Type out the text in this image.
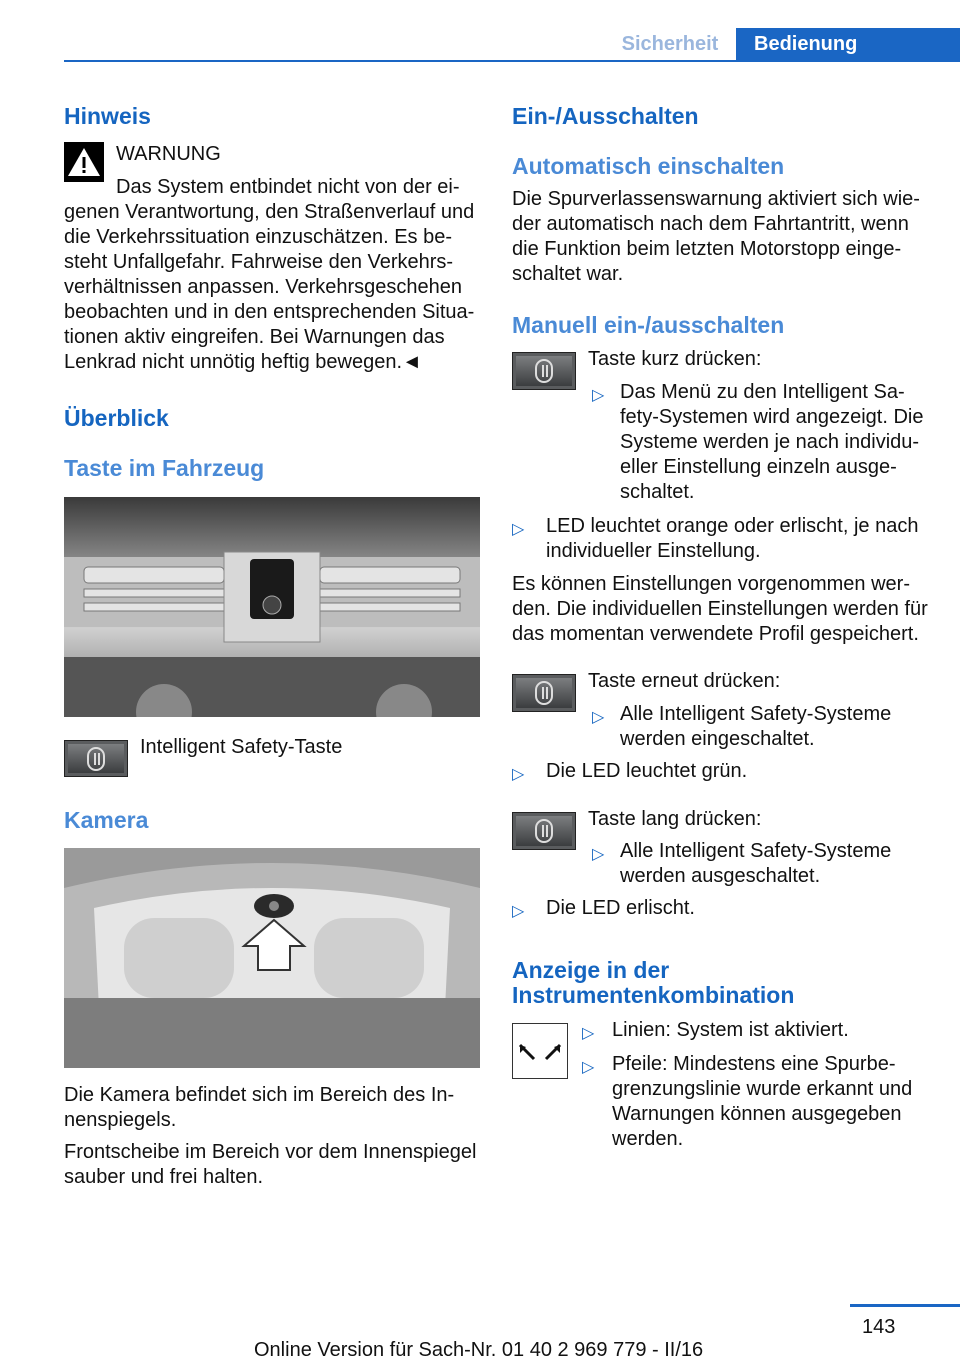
Sicherheit	Bedienung
Hinweis
WARNUNG
Das System entbindet nicht von der ei-
genen Verantwortung, den Straßenverlauf und
die Verkehrssituation einzuschätzen. Es be-
steht Unfallgefahr. Fahrweise den Verkehrs-
verhältnissen anpassen. Verkehrsgeschehen
beobachten und in den entsprechenden Situa-
tionen aktiv eingreifen. Bei Warnungen das
Lenkrad nicht unnötig heftig bewegen.◄
Überblick
Taste im Fahrzeug
Intelligent Safety-Taste
Kamera
Die Kamera befindet sich im Bereich des In-
nenspiegels.
Frontscheibe im Bereich vor dem Innenspiegel
sauber und frei halten.
Ein-/Ausschalten
Automatisch einschalten
Die Spurverlassenswarnung aktiviert sich wie-
der automatisch nach dem Fahrtantritt, wenn
die Funktion beim letzten Motorstopp einge-
schaltet war.
Manuell ein-/ausschalten
Taste kurz drücken:
▷ Das Menü zu den Intelligent Sa-
fety-Systemen wird angezeigt. Die
Systeme werden je nach individu-
eller Einstellung einzeln ausge-
schaltet.
▷ LED leuchtet orange oder erlischt, je nach
individueller Einstellung.
Es können Einstellungen vorgenommen wer-
den. Die individuellen Einstellungen werden für
das momentan verwendete Profil gespeichert.
Taste erneut drücken:
▷ Alle Intelligent Safety-Systeme
werden eingeschaltet.
▷ Die LED leuchtet grün.
Taste lang drücken:
▷ Alle Intelligent Safety-Systeme
werden ausgeschaltet.
▷ Die LED erlischt.
Anzeige in der
Instrumentenkombination
▷ Linien: System ist aktiviert.
▷ Pfeile: Mindestens eine Spurbe-
grenzungslinie wurde erkannt und
Warnungen können ausgegeben
werden.
143
Online Version für Sach-Nr. 01 40 2 969 779 - II/16
